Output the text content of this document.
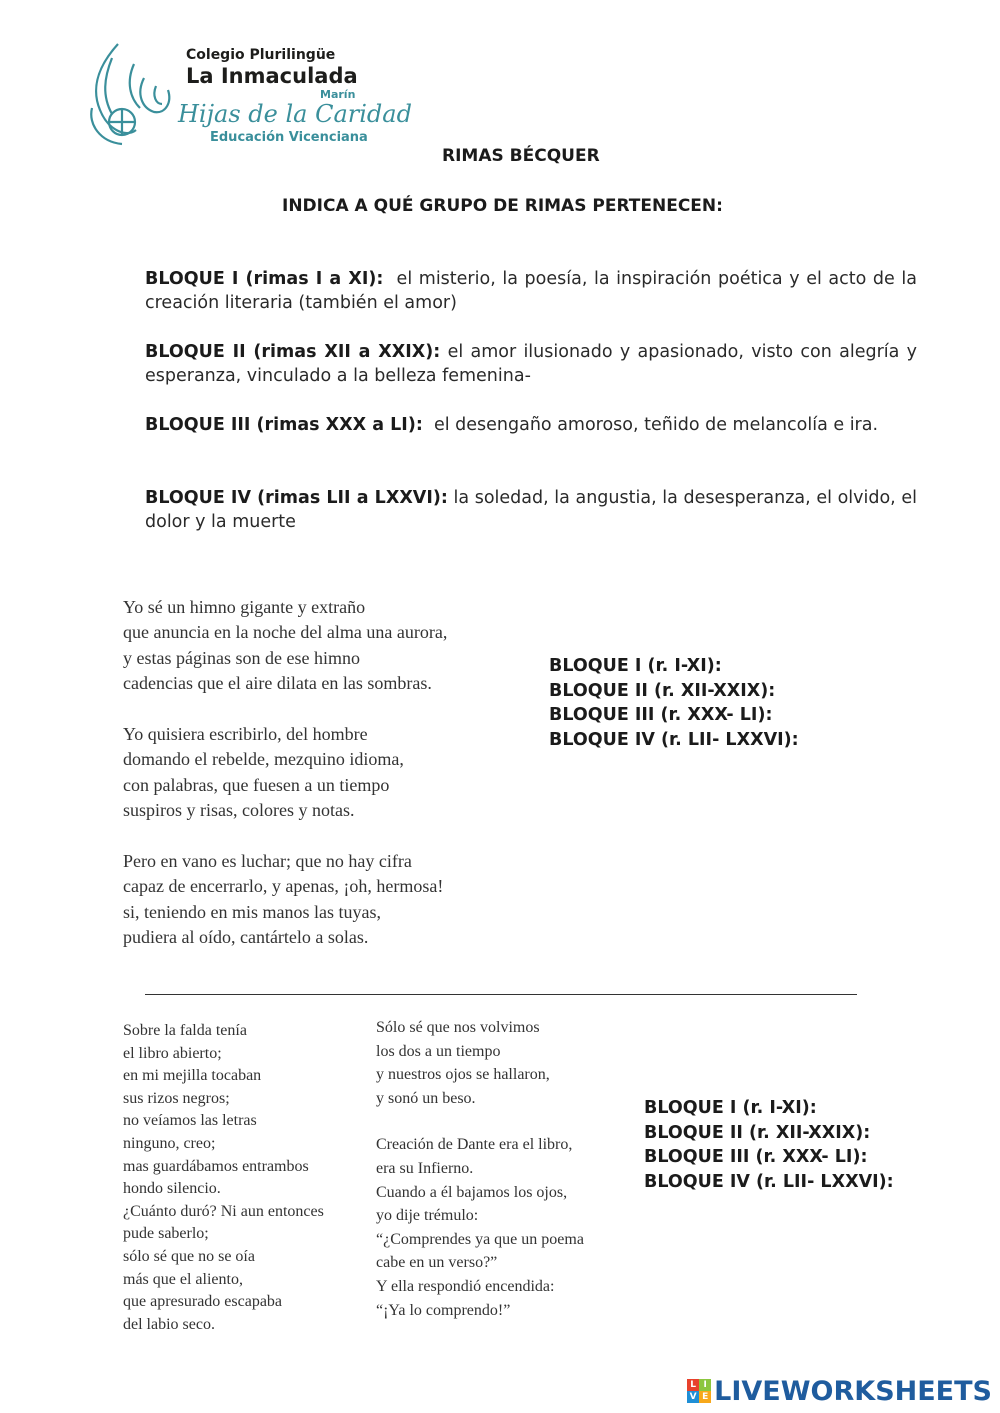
Colegio Plurilingüe
La Inmaculada
Marín
Hijas de la Caridad
Educación Vicenciana
RIMAS BÉCQUER
INDICA A QUÉ GRUPO DE RIMAS PERTENECEN:
BLOQUE I (rimas I a XI): el misterio, la poesía, la inspiración poética y el acto de la creación literaria (también el amor)
BLOQUE II (rimas XII a XXIX): el amor ilusionado y apasionado, visto con alegría y esperanza, vinculado a la belleza femenina-
BLOQUE III (rimas XXX a LI): el desengaño amoroso, teñido de melancolía e ira.
BLOQUE IV (rimas LII a LXXVI): la soledad, la angustia, la desesperanza, el olvido, el dolor y la muerte
Yo sé un himno gigante y extraño
que anuncia en la noche del alma una aurora,
y estas páginas son de ese himno
cadencias que el aire dilata en las sombras.
Yo quisiera escribirlo, del hombre
domando el rebelde, mezquino idioma,
con palabras, que fuesen a un tiempo
suspiros y risas, colores y notas.
Pero en vano es luchar; que no hay cifra
capaz de encerrarlo, y apenas, ¡oh, hermosa!
si, teniendo en mis manos las tuyas,
pudiera al oído, cantártelo a solas.
BLOQUE I (r. I-XI):
BLOQUE II (r. XII-XXIX):
BLOQUE III (r. XXX- LI):
BLOQUE IV (r. LII- LXXVI):
Sobre la falda tenía
el libro abierto;
en mi mejilla tocaban
sus rizos negros;
no veíamos las letras
ninguno, creo;
mas guardábamos entrambos
hondo silencio.
¿Cuánto duró? Ni aun entonces
pude saberlo;
sólo sé que no se oía
más que el aliento,
que apresurado escapaba
del labio seco.
Sólo sé que nos volvimos
los dos a un tiempo
y nuestros ojos se hallaron,
y sonó un beso.
Creación de Dante era el libro,
era su Infierno.
Cuando a él bajamos los ojos,
yo dije trémulo:
“¿Comprendes ya que un poema
cabe en un verso?”
Y ella respondió encendida:
“¡Ya lo comprendo!”
BLOQUE I (r. I-XI):
BLOQUE II (r. XII-XXIX):
BLOQUE III (r. XXX- LI):
BLOQUE IV (r. LII- LXXVI):
L I
V E LIVEWORKSHEETS
